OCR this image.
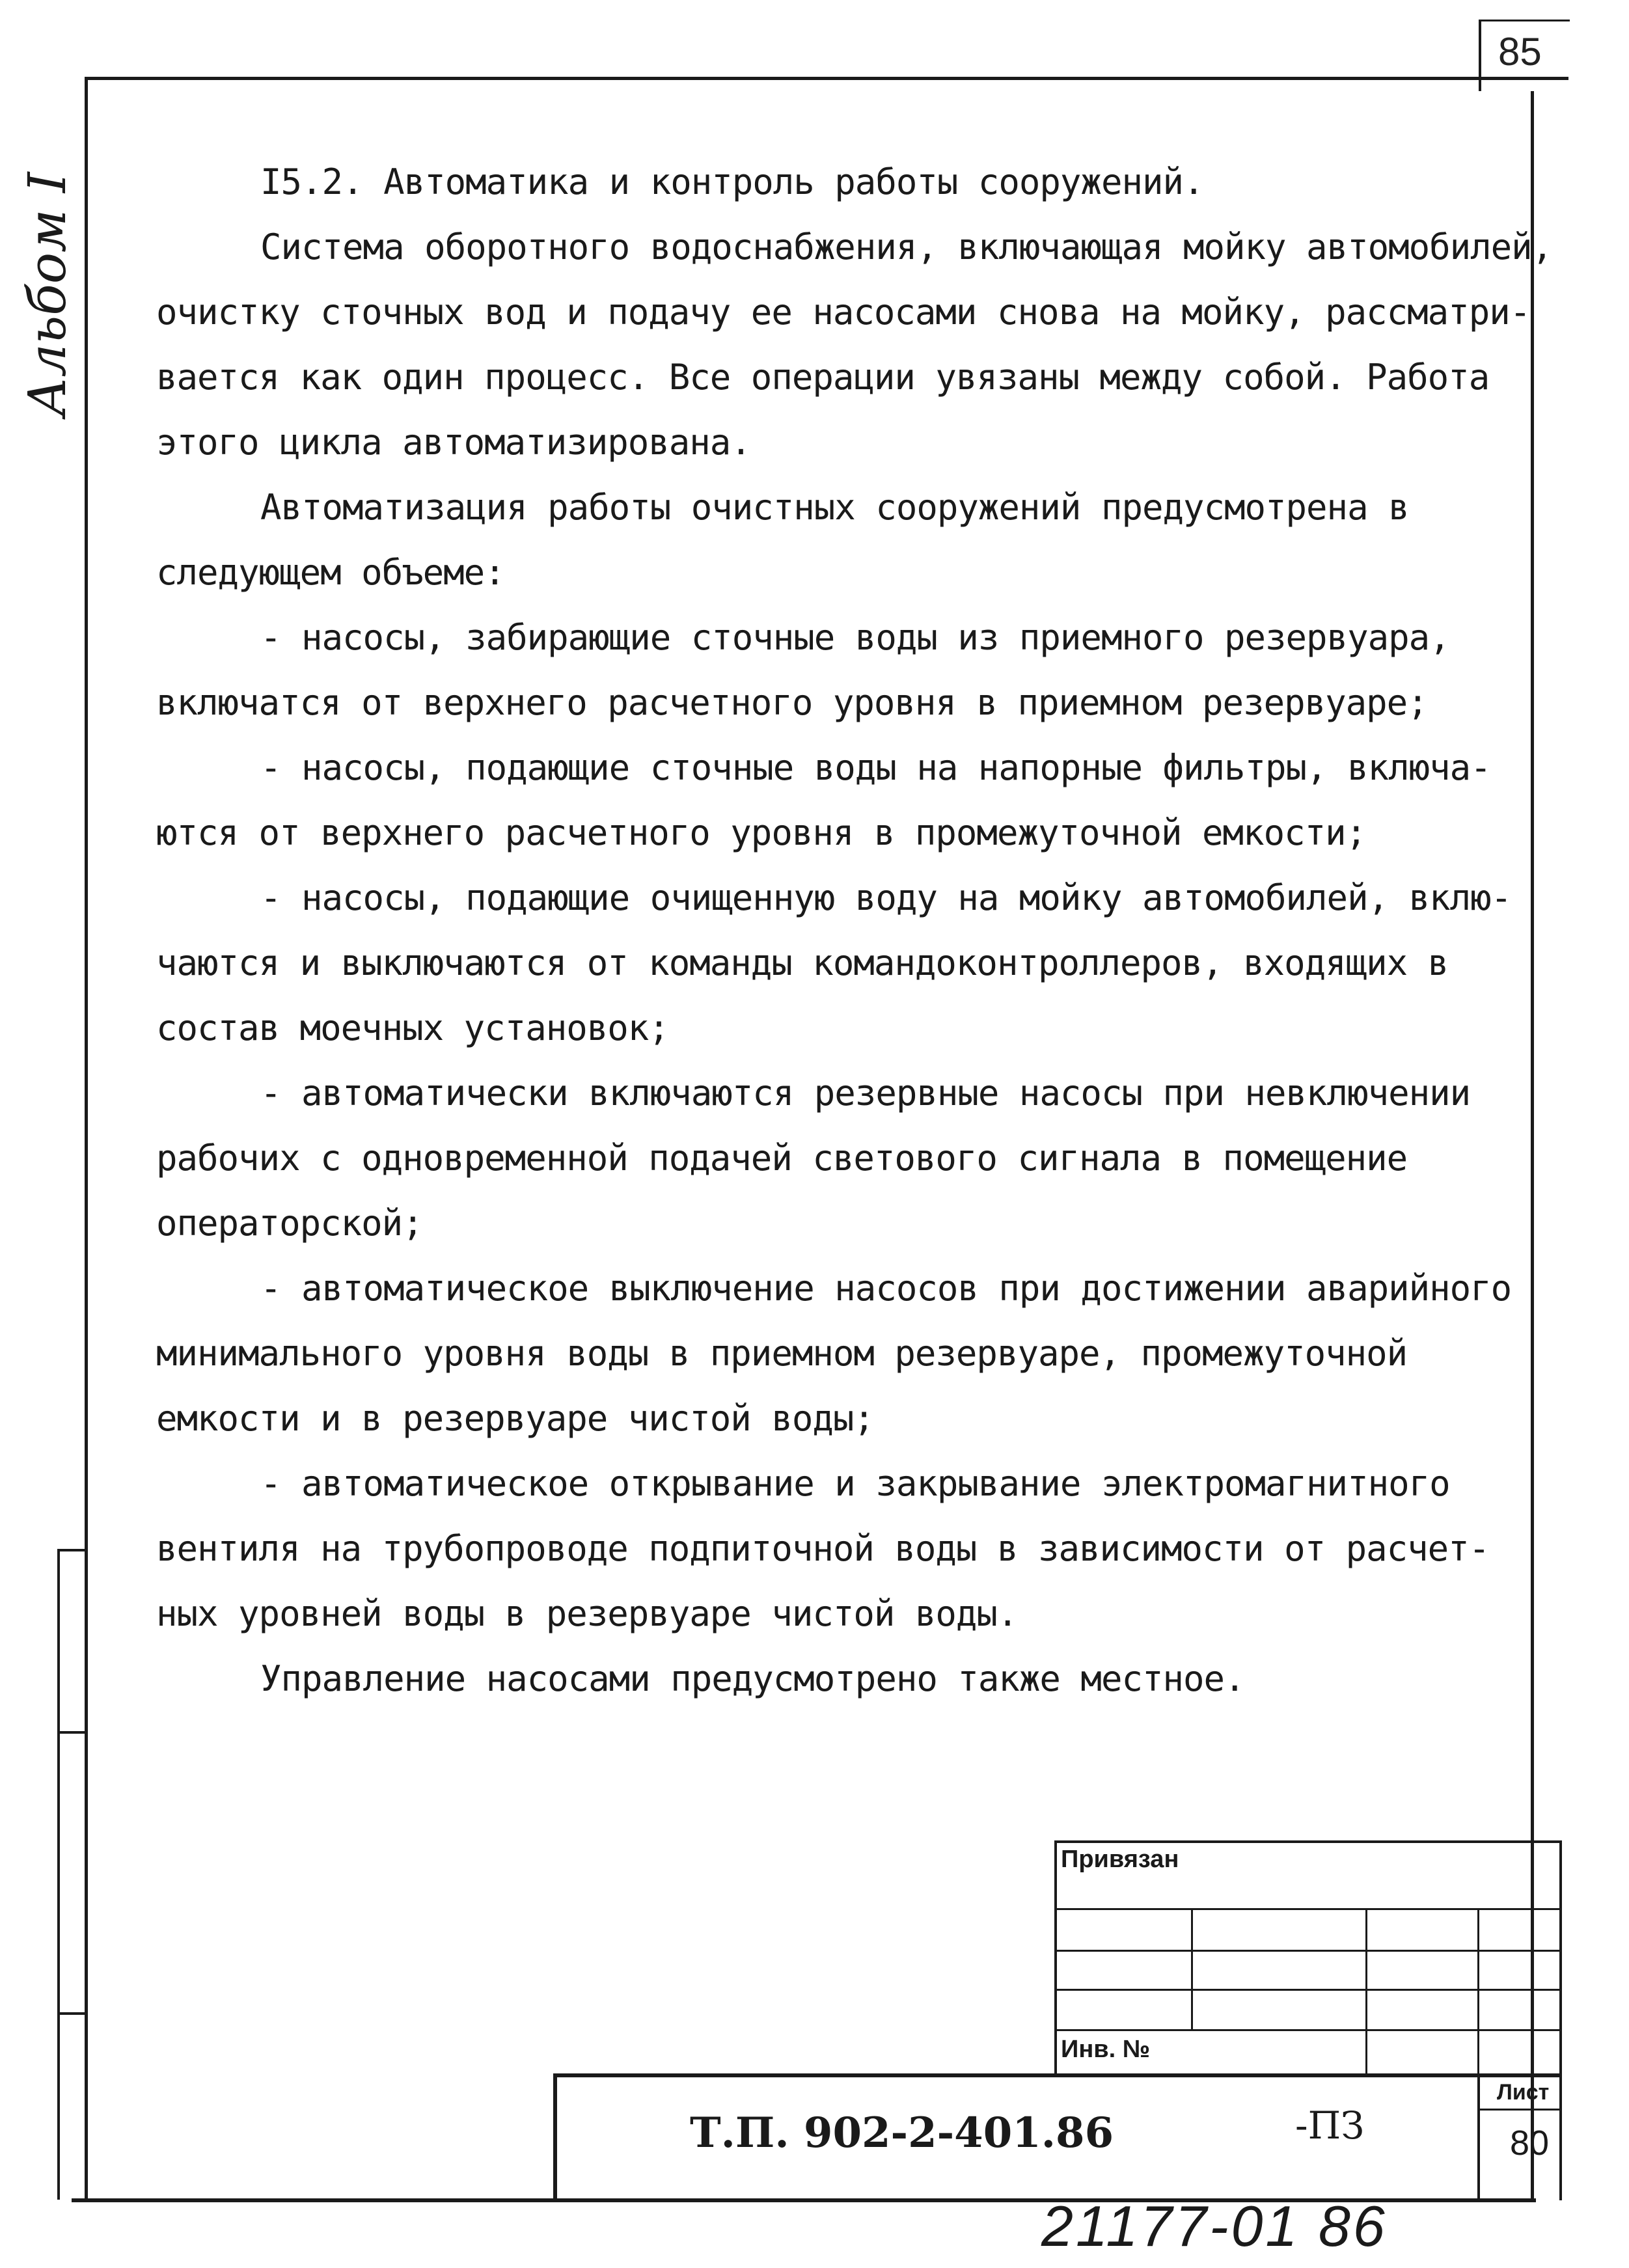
85
Альбом I	I5.2. Автоматика и контроль работы сооружений.

Система оборотного водоснабжения, включающая мойку автомобилей,

очистку сточных вод и подачу ее насосами снова на мойку, рассматри-

вается как один процесс. Все операции увязаны между собой. Работа

этого цикла автоматизирована.

Автоматизация работы очистных сооружений предусмотрена в

следующем объеме:

- насосы, забирающие сточные воды из приемного резервуара,

включатся от верхнего расчетного уровня в приемном резервуаре;

- насосы, подающие сточные воды на напорные фильтры, включа-

ются от верхнего расчетного уровня в промежуточной емкости;

- насосы, подающие очищенную воду на мойку автомобилей, вклю-

чаются и выключаются от команды командоконтроллеров, входящих в

состав моечных установок;

- автоматически включаются резервные насосы при невключении

рабочих с одновременной подачей светового сигнала в помещение

операторской;

- автоматическое выключение насосов при достижении аварийного

минимального уровня воды в приемном резервуаре, промежуточной

емкости и в резервуаре чистой воды;

- автоматическое открывание и закрывание электромагнитного

вентиля на трубопроводе подпиточной воды в зависимости от расчет-

ных уровней воды в резервуаре чистой воды.

Управление насосами предусмотрено также местное.

Привязан
Инв. №
Т.П. 902-2-401.86	-ПЗ
Лист
80
21177-01 86
